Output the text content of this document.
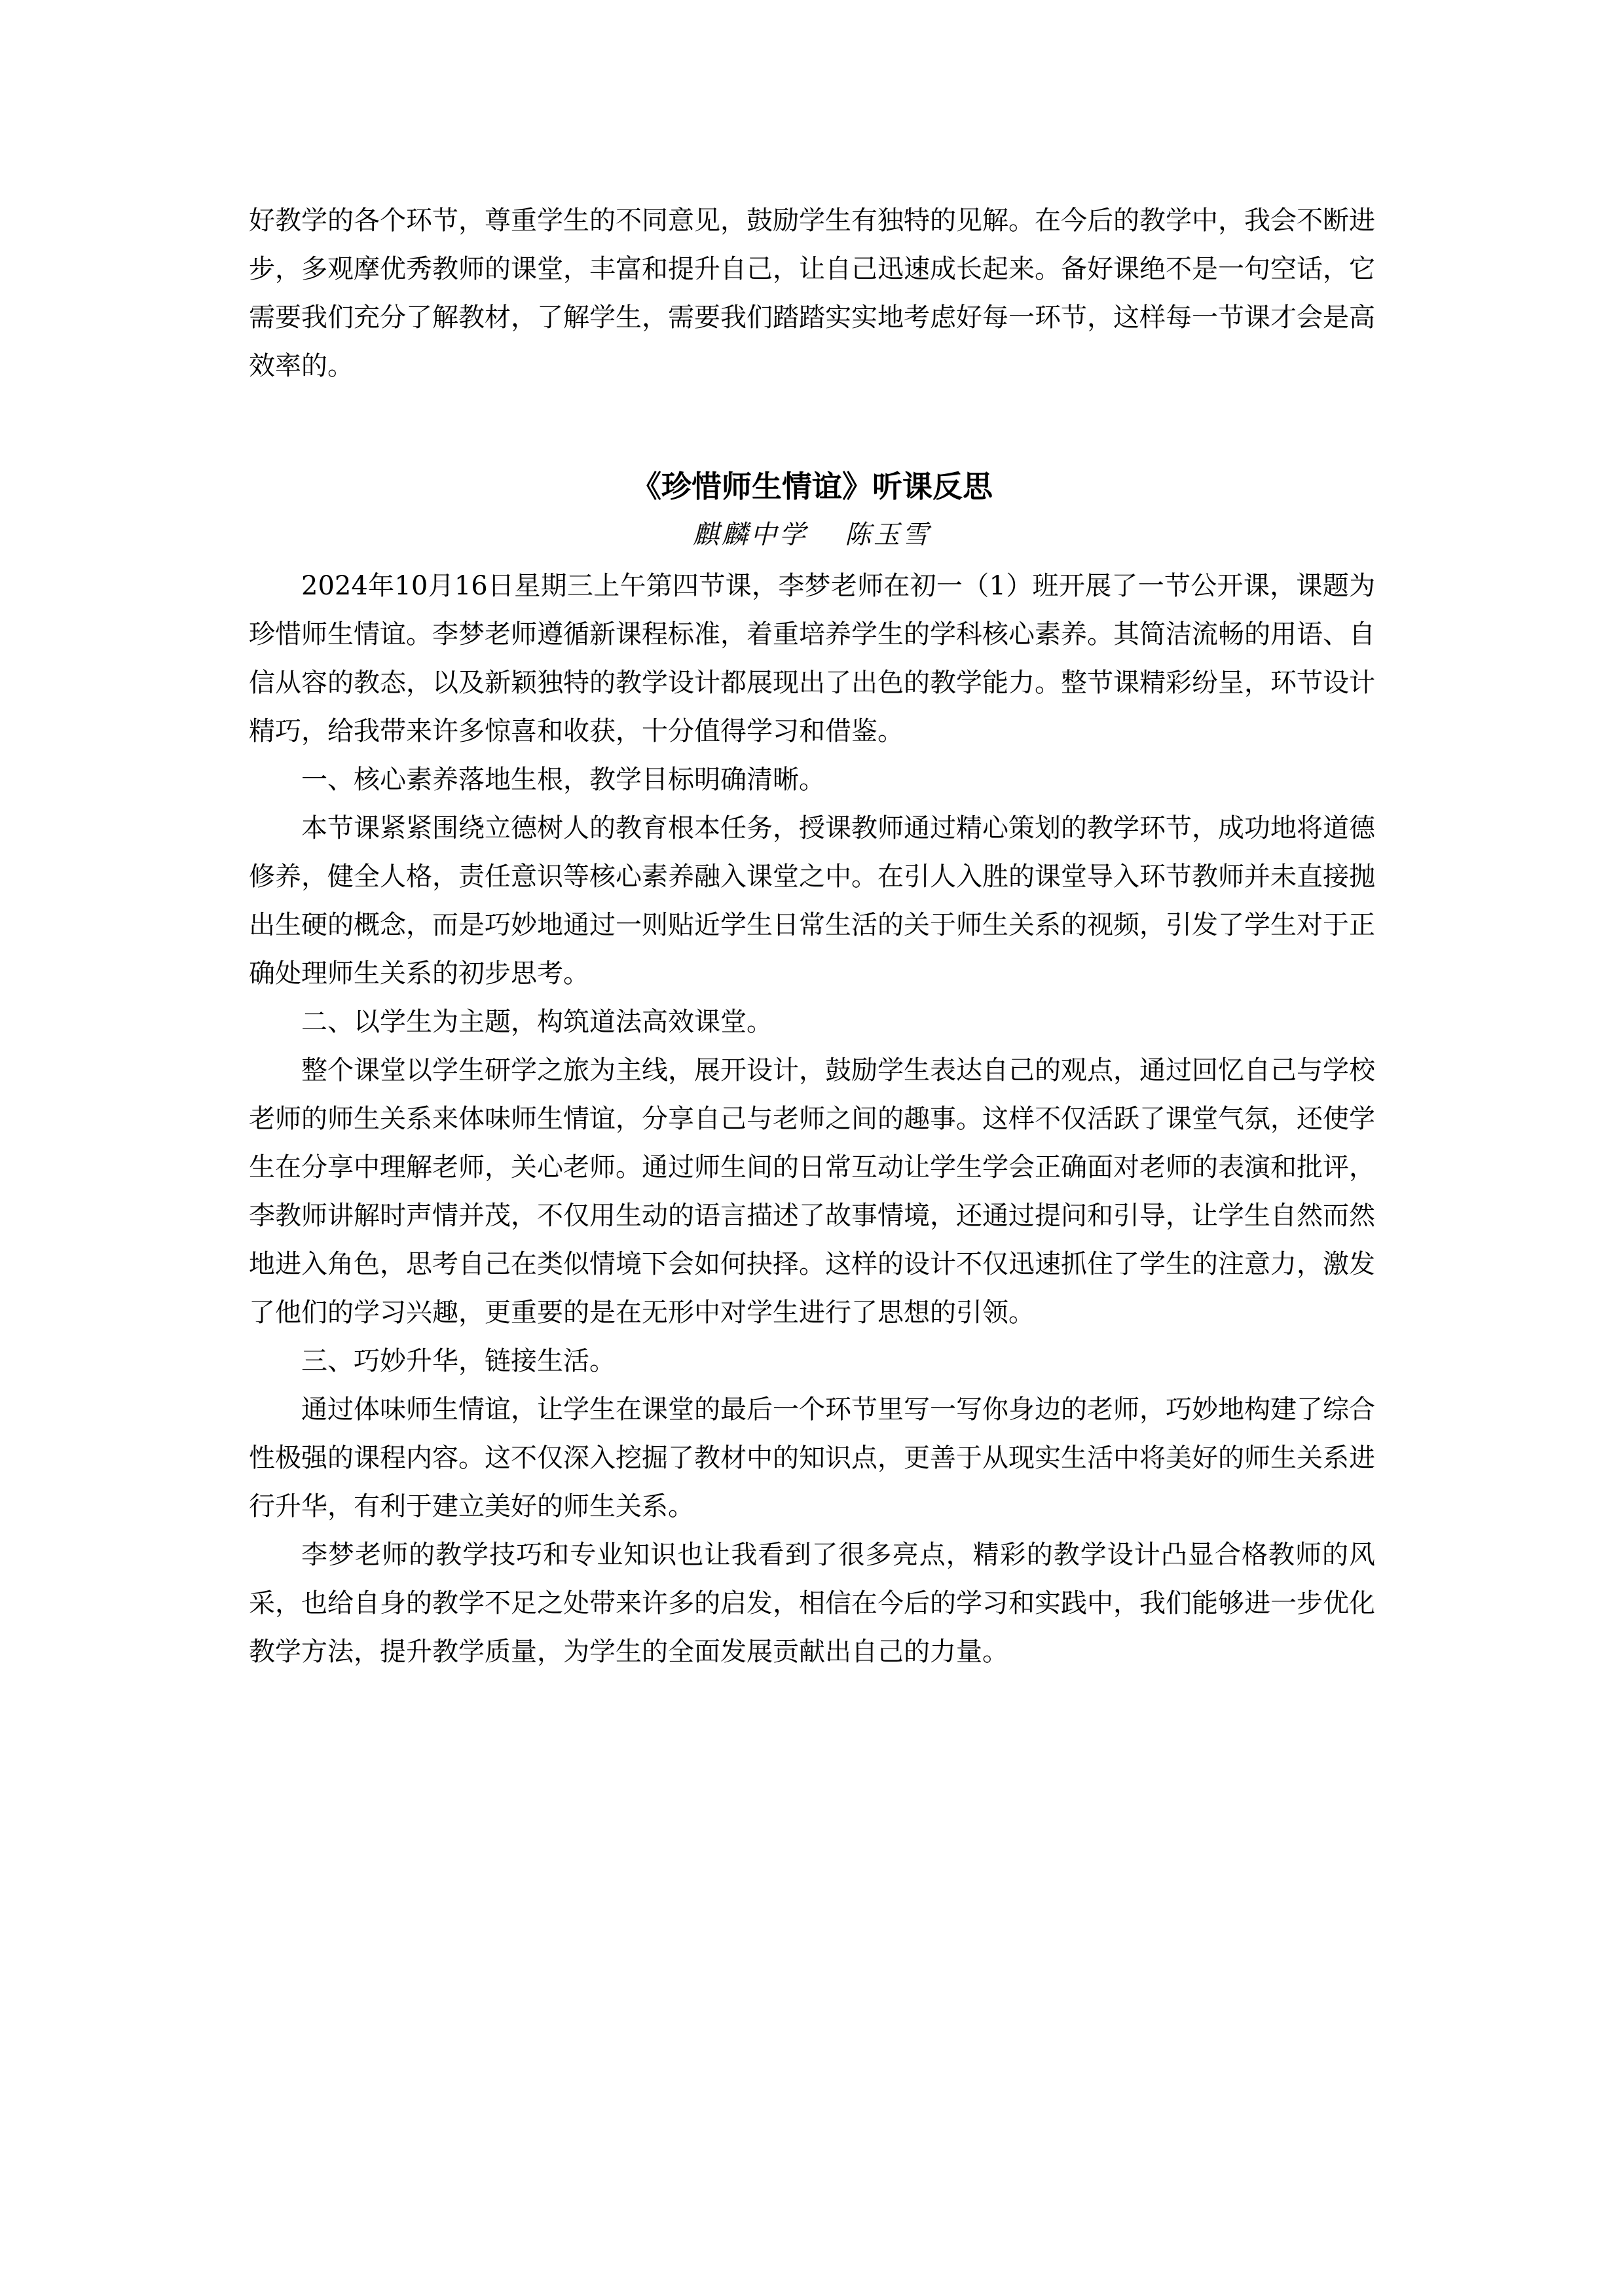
好教学的各个环节，尊重学生的不同意见，鼓励学生有独特的见解。在今后的教学中，我会不断进步，多观摩优秀教师的课堂，丰富和提升自己，让自己迅速成长起来。备好课绝不是一句空话，它需要我们充分了解教材，了解学生，需要我们踏踏实实地考虑好每一环节，这样每一节课才会是高效率的。

《珍惜师生情谊》听课反思

麒麟中学 陈玉雪

2024年10月16日星期三上午第四节课，李梦老师在初一（1）班开展了一节公开课，课题为珍惜师生情谊。李梦老师遵循新课程标准，着重培养学生的学科核心素养。其简洁流畅的用语、自信从容的教态，以及新颖独特的教学设计都展现出了出色的教学能力。整节课精彩纷呈，环节设计精巧，给我带来许多惊喜和收获，十分值得学习和借鉴。

一、核心素养落地生根，教学目标明确清晰。

本节课紧紧围绕立德树人的教育根本任务，授课教师通过精心策划的教学环节，成功地将道德修养，健全人格，责任意识等核心素养融入课堂之中。在引人入胜的课堂导入环节教师并未直接抛出生硬的概念，而是巧妙地通过一则贴近学生日常生活的关于师生关系的视频，引发了学生对于正确处理师生关系的初步思考。

二、以学生为主题，构筑道法高效课堂。

整个课堂以学生研学之旅为主线，展开设计，鼓励学生表达自己的观点，通过回忆自己与学校老师的师生关系来体味师生情谊，分享自己与老师之间的趣事。这样不仅活跃了课堂气氛，还使学生在分享中理解老师，关心老师。通过师生间的日常互动让学生学会正确面对老师的表演和批评，李教师讲解时声情并茂，不仅用生动的语言描述了故事情境，还通过提问和引导，让学生自然而然地进入角色，思考自己在类似情境下会如何抉择。这样的设计不仅迅速抓住了学生的注意力，激发了他们的学习兴趣，更重要的是在无形中对学生进行了思想的引领。

三、巧妙升华，链接生活。

通过体味师生情谊，让学生在课堂的最后一个环节里写一写你身边的老师，巧妙地构建了综合性极强的课程内容。这不仅深入挖掘了教材中的知识点，更善于从现实生活中将美好的师生关系进行升华，有利于建立美好的师生关系。

李梦老师的教学技巧和专业知识也让我看到了很多亮点，精彩的教学设计凸显合格教师的风采，也给自身的教学不足之处带来许多的启发，相信在今后的学习和实践中，我们能够进一步优化教学方法，提升教学质量，为学生的全面发展贡献出自己的力量。
